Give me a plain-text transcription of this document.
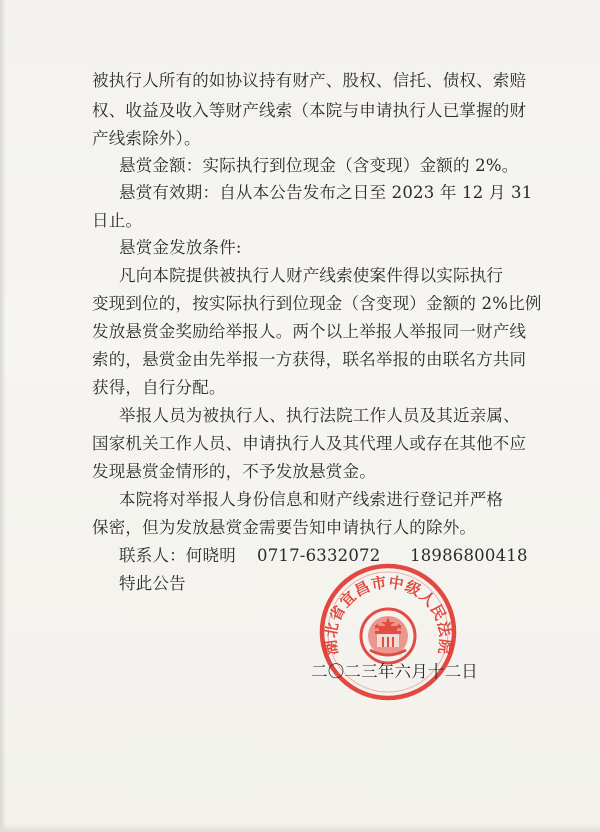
被执行人所有的如协议持有财产、股权、信托、债权、索赔
权、收益及收入等财产线索（本院与申请执行人已掌握的财
产线索除外）。
悬赏金额：实际执行到位现金（含变现）金额的 2%。
悬赏有效期：自从本公告发布之日至 2023 年 12 月 31
日止。
悬赏金发放条件:
凡向本院提供被执行人财产线索使案件得以实际执行
变现到位的，按实际执行到位现金（含变现）金额的 2%比例
发放悬赏金奖励给举报人。两个以上举报人举报同一财产线
索的，悬赏金由先举报一方获得，联名举报的由联名方共同
获得，自行分配。
举报人员为被执行人、执行法院工作人员及其近亲属、
国家机关工作人员、申请执行人及其代理人或存在其他不应
发现悬赏金情形的，不予发放悬赏金。
本院将对举报人身份信息和财产线索进行登记并严格
保密，但为发放悬赏金需要告知申请执行人的除外。
联系人：何晓明 0717-6332072 18986800418
特此公告
湖北省宜昌市中级人民法院
二〇二三年六月十二日
